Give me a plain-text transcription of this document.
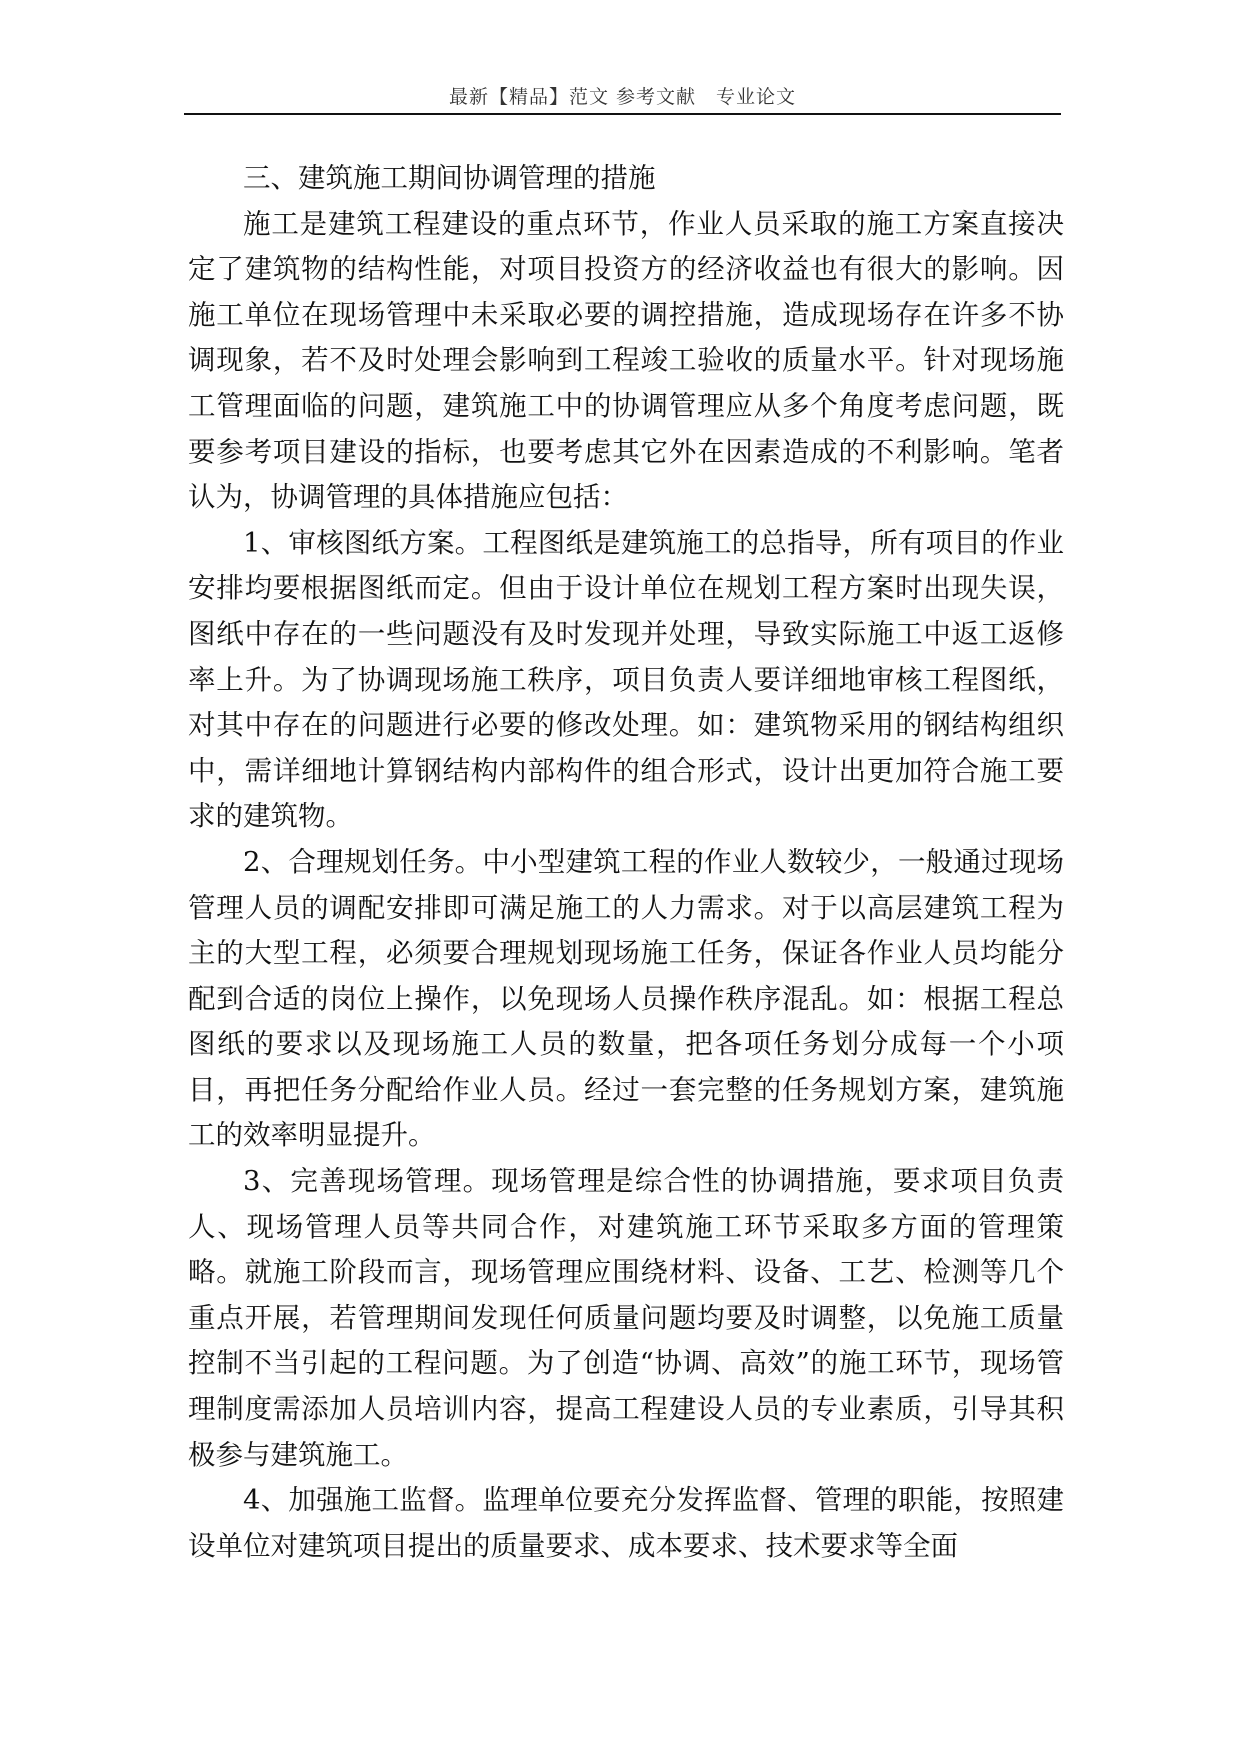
最新【精品】范文 参考文献　专业论文

三、建筑施工期间协调管理的措施

施工是建筑工程建设的重点环节，作业人员采取的施工方案直接决定了建筑物的结构性能，对项目投资方的经济收益也有很大的影响。因施工单位在现场管理中未采取必要的调控措施，造成现场存在许多不协调现象，若不及时处理会影响到工程竣工验收的质量水平。针对现场施工管理面临的问题，建筑施工中的协调管理应从多个角度考虑问题，既要参考项目建设的指标，也要考虑其它外在因素造成的不利影响。笔者认为，协调管理的具体措施应包括：

1、审核图纸方案。工程图纸是建筑施工的总指导，所有项目的作业安排均要根据图纸而定。但由于设计单位在规划工程方案时出现失误，图纸中存在的一些问题没有及时发现并处理，导致实际施工中返工返修率上升。为了协调现场施工秩序，项目负责人要详细地审核工程图纸，对其中存在的问题进行必要的修改处理。如：建筑物采用的钢结构组织中，需详细地计算钢结构内部构件的组合形式，设计出更加符合施工要求的建筑物。

2、合理规划任务。中小型建筑工程的作业人数较少，一般通过现场管理人员的调配安排即可满足施工的人力需求。对于以高层建筑工程为主的大型工程，必须要合理规划现场施工任务，保证各作业人员均能分配到合适的岗位上操作，以免现场人员操作秩序混乱。如：根据工程总图纸的要求以及现场施工人员的数量，把各项任务划分成每一个小项目，再把任务分配给作业人员。经过一套完整的任务规划方案，建筑施工的效率明显提升。

3、完善现场管理。现场管理是综合性的协调措施，要求项目负责人、现场管理人员等共同合作，对建筑施工环节采取多方面的管理策略。就施工阶段而言，现场管理应围绕材料、设备、工艺、检测等几个重点开展，若管理期间发现任何质量问题均要及时调整，以免施工质量控制不当引起的工程问题。为了创造“协调、高效”的施工环节，现场管理制度需添加人员培训内容，提高工程建设人员的专业素质，引导其积极参与建筑施工。

4、加强施工监督。监理单位要充分发挥监督、管理的职能，按照建设单位对建筑项目提出的质量要求、成本要求、技术要求等全面
